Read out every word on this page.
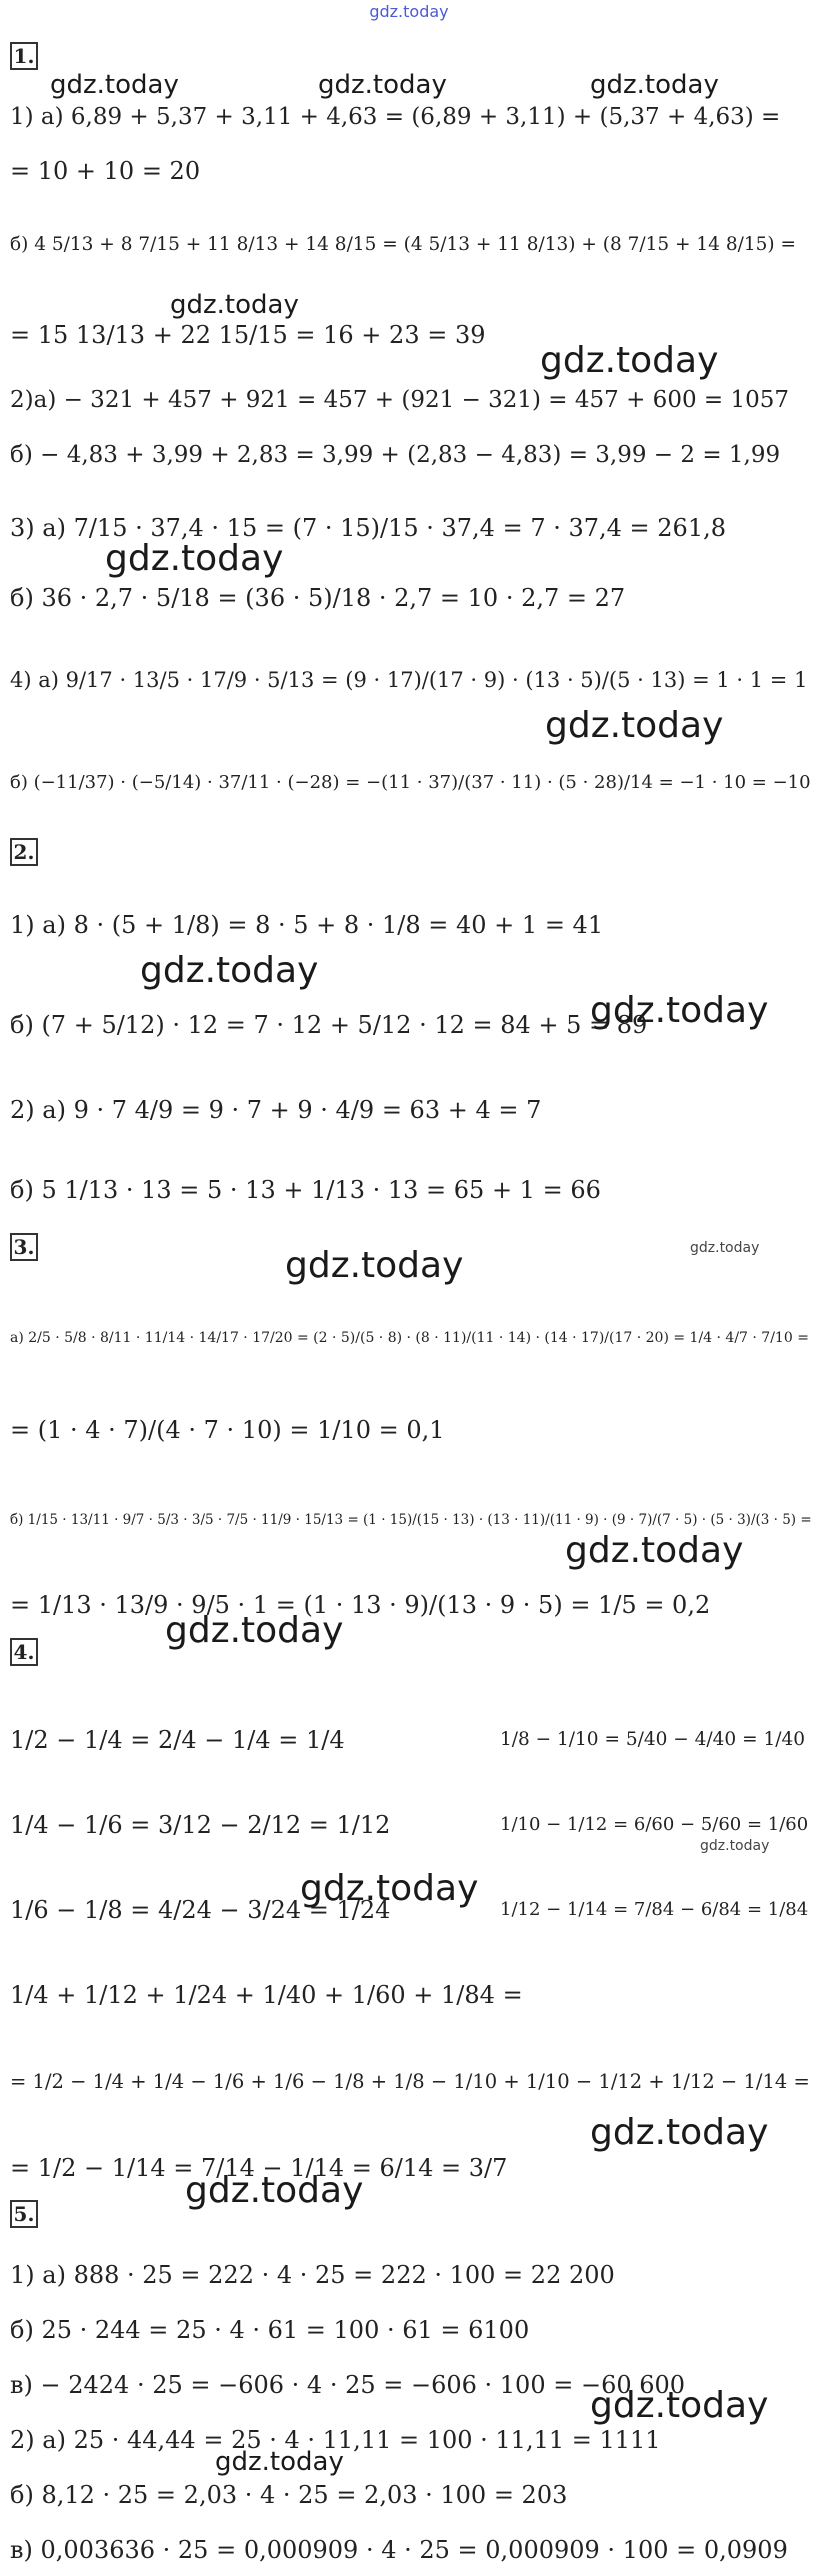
gdz.today
1.
1) а) 6,89 + 5,37 + 3,11 + 4,63 = (6,89 + 3,11) + (5,37 + 4,63) =
= 10 + 10 = 20
б) 4 5/13 + 8 7/15 + 11 8/13 + 14 8/15 = (4 5/13 + 11 8/13) + (8 7/15 + 14 8/15) =
= 15 13/13 + 22 15/15 = 16 + 23 = 39
2)а) − 321 + 457 + 921 = 457 + (921 − 321) = 457 + 600 = 1057
б) − 4,83 + 3,99 + 2,83 = 3,99 + (2,83 − 4,83) = 3,99 − 2 = 1,99
3) а) 7/15 · 37,4 · 15 = (7 · 15)/15 · 37,4 = 7 · 37,4 = 261,8
б) 36 · 2,7 · 5/18 = (36 · 5)/18 · 2,7 = 10 · 2,7 = 27
4) а) 9/17 · 13/5 · 17/9 · 5/13 = (9 · 17)/(17 · 9) · (13 · 5)/(5 · 13) = 1 · 1 = 1
б) (−11/37) · (−5/14) · 37/11 · (−28) = −(11 · 37)/(37 · 11) · (5 · 28)/14 = −1 · 10 = −10
2.
1) а) 8 · (5 + 1/8) = 8 · 5 + 8 · 1/8 = 40 + 1 = 41
б) (7 + 5/12) · 12 = 7 · 12 + 5/12 · 12 = 84 + 5 = 89
2) а) 9 · 7 4/9 = 9 · 7 + 9 · 4/9 = 63 + 4 = 7
б) 5 1/13 · 13 = 5 · 13 + 1/13 · 13 = 65 + 1 = 66
3.
а) 2/5 · 5/8 · 8/11 · 11/14 · 14/17 · 17/20 = (2 · 5)/(5 · 8) · (8 · 11)/(11 · 14) · (14 · 17)/(17 · 20) = 1/4 · 4/7 · 7/10 =
= (1 · 4 · 7)/(4 · 7 · 10) = 1/10 = 0,1
б) 1/15 · 13/11 · 9/7 · 5/3 · 3/5 · 7/5 · 11/9 · 15/13 = (1 · 15)/(15 · 13) · (13 · 11)/(11 · 9) · (9 · 7)/(7 · 5) · (5 · 3)/(3 · 5) =
= 1/13 · 13/9 · 9/5 · 1 = (1 · 13 · 9)/(13 · 9 · 5) = 1/5 = 0,2
4.
1/2 − 1/4 = 2/4 − 1/4 = 1/4	1/8 − 1/10 = 5/40 − 4/40 = 1/40
1/4 − 1/6 = 3/12 − 2/12 = 1/12	1/10 − 1/12 = 6/60 − 5/60 = 1/60
1/6 − 1/8 = 4/24 − 3/24 = 1/24	1/12 − 1/14 = 7/84 − 6/84 = 1/84
1/4 + 1/12 + 1/24 + 1/40 + 1/60 + 1/84 =
= 1/2 − 1/4 + 1/4 − 1/6 + 1/6 − 1/8 + 1/8 − 1/10 + 1/10 − 1/12 + 1/12 − 1/14 =
= 1/2 − 1/14 = 7/14 − 1/14 = 6/14 = 3/7
5.
1) а) 888 · 25 = 222 · 4 · 25 = 222 · 100 = 22 200
б) 25 · 244 = 25 · 4 · 61 = 100 · 61 = 6100
в) − 2424 · 25 = −606 · 4 · 25 = −606 · 100 = −60 600
2) а) 25 · 44,44 = 25 · 4 · 11,11 = 100 · 11,11 = 1111
б) 8,12 · 25 = 2,03 · 4 · 25 = 2,03 · 100 = 203
в) 0,003636 · 25 = 0,000909 · 4 · 25 = 0,000909 · 100 = 0,0909
gdz.today	gdz.today	gdz.today
gdz.today
gdz.today
gdz.today
gdz.today
gdz.today
gdz.today
gdz.today	gdz.today
gdz.today
gdz.today
gdz.today
gdz.today
gdz.today
gdz.today
gdz.today
gdz.today
